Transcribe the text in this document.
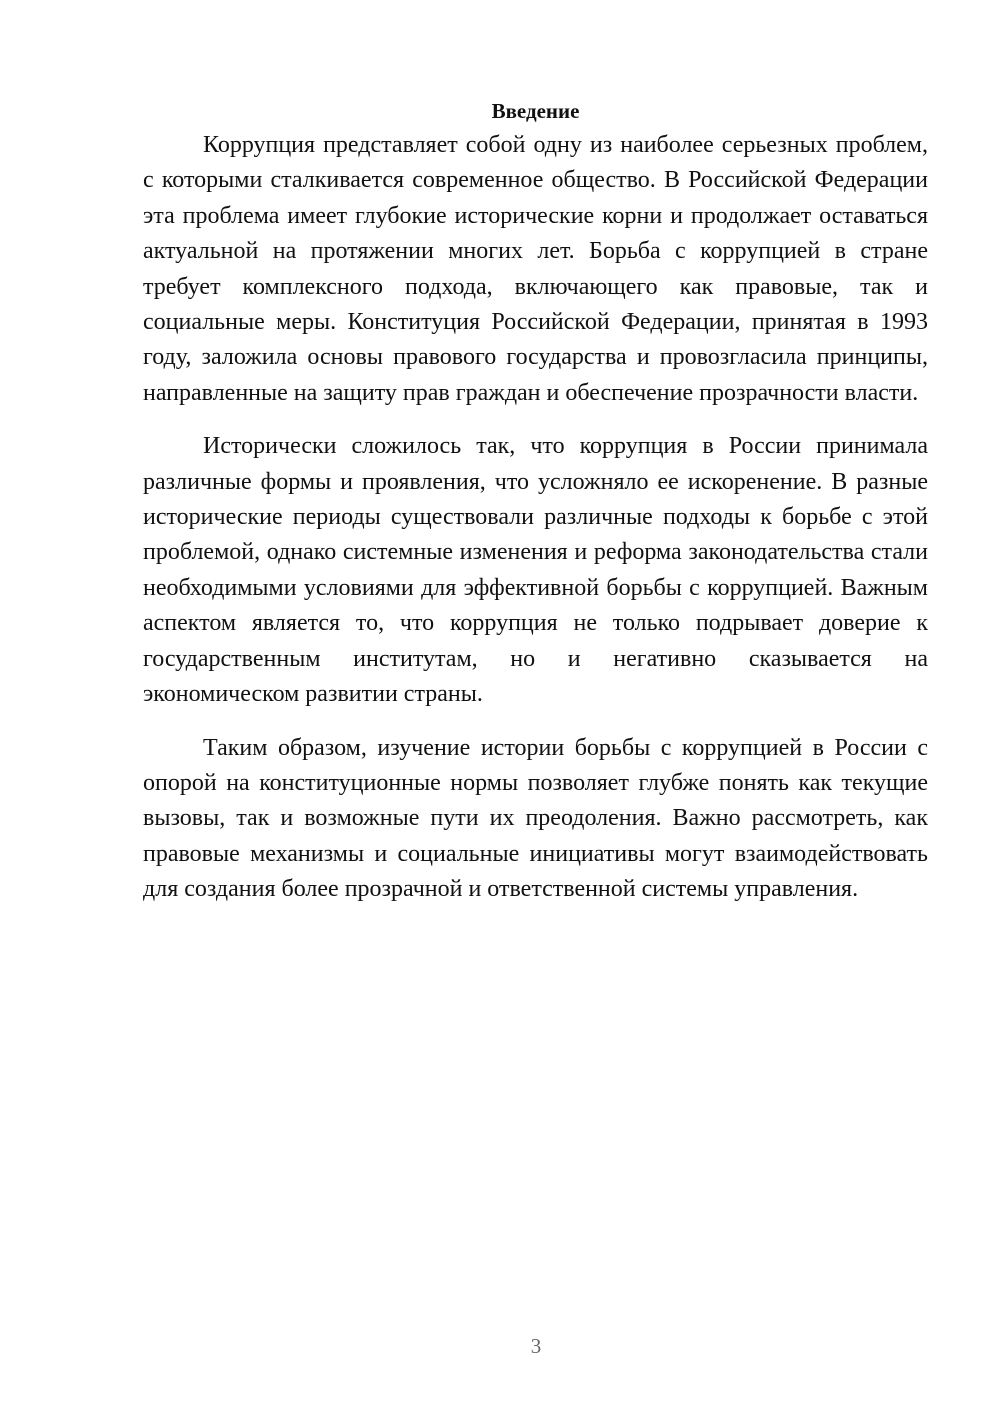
Введение

Коррупция представляет собой одну из наиболее серьезных проблем, с которыми сталкивается современное общество. В Российской Федерации эта проблема имеет глубокие исторические корни и продолжает оставаться актуальной на протяжении многих лет. Борьба с коррупцией в стране требует комплексного подхода, включающего как правовые, так и социальные меры. Конституция Российской Федерации, принятая в 1993 году, заложила основы правового государства и провозгласила принципы, направленные на защиту прав граждан и обеспечение прозрачности власти.

Исторически сложилось так, что коррупция в России принимала различные формы и проявления, что усложняло ее искоренение. В разные исторические периоды существовали различные подходы к борьбе с этой проблемой, однако системные изменения и реформа законодательства стали необходимыми условиями для эффективной борьбы с коррупцией. Важным аспектом является то, что коррупция не только подрывает доверие к государственным институтам, но и негативно сказывается на экономическом развитии страны.

Таким образом, изучение истории борьбы с коррупцией в России с опорой на конституционные нормы позволяет глубже понять как текущие вызовы, так и возможные пути их преодоления. Важно рассмотреть, как правовые механизмы и социальные инициативы могут взаимодействовать для создания более прозрачной и ответственной системы управления.

3
